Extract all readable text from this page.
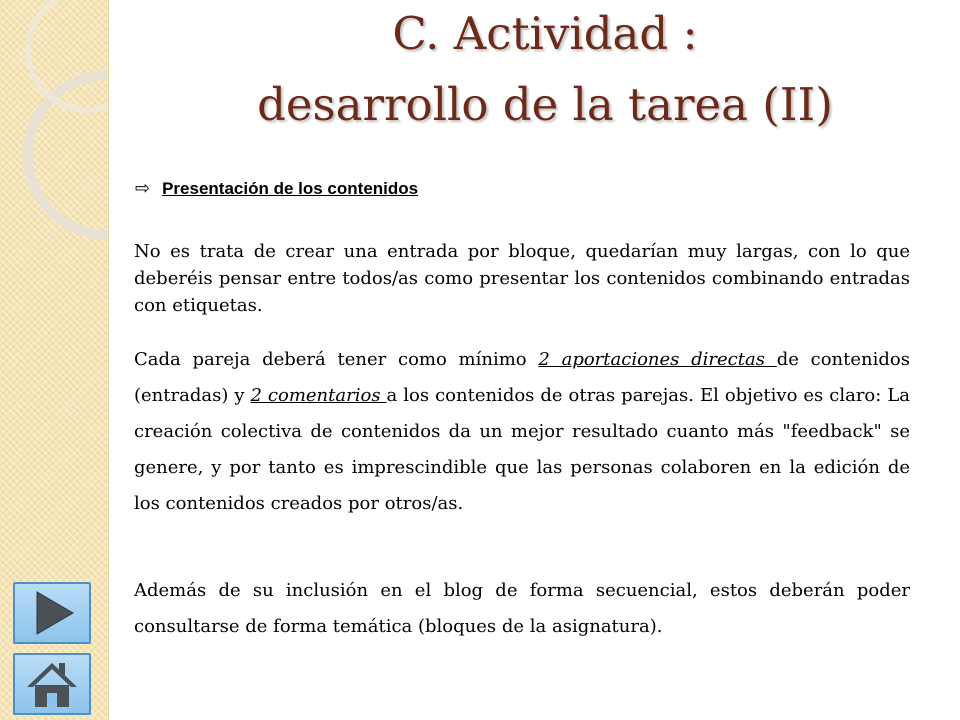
C. Actividad :
desarrollo de la tarea (II)
⇨ Presentación de los contenidos
No es trata de crear una entrada por bloque, quedarían muy largas, con lo que deberéis pensar entre todos/as como presentar los contenidos combinando entradas con etiquetas.
Cada pareja deberá tener como mínimo 2 aportaciones directas de contenidos (entradas) y 2 comentarios a los contenidos de otras parejas. El objetivo es claro: La creación colectiva de contenidos da un mejor resultado cuanto más "feedback" se genere, y por tanto es imprescindible que las personas colaboren en la edición de los contenidos creados por otros/as.
Además de su inclusión en el blog de forma secuencial, estos deberán poder consultarse de forma temática (bloques de la asignatura).
